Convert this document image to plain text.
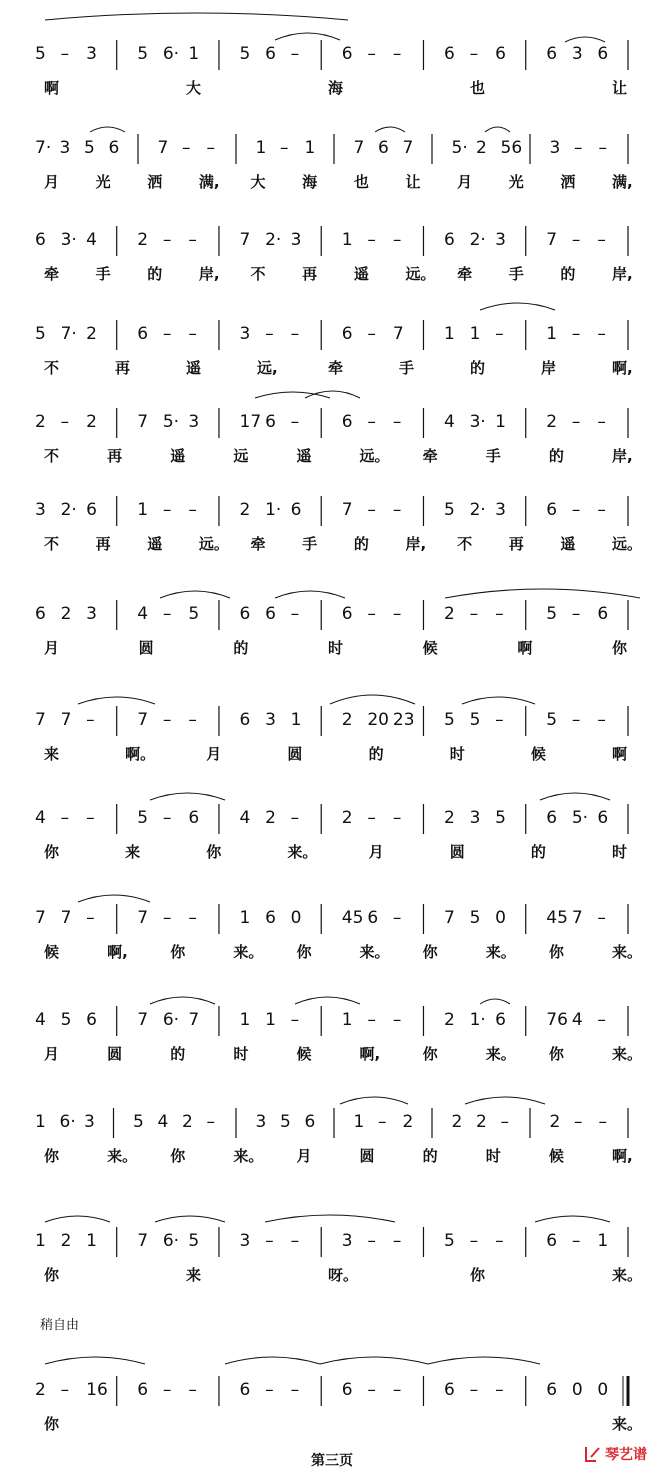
5 – 3 5 6· 1 5 6 –	6 – –	6 – 6 6 3 6
啊	大	海	也	让
7· 3 5 6 7 – – 1 – 1 7 6 7 5· 2 56 3 – –
月 光 洒 满, 大 海 也 让 月 光 洒 满,
6 3· 4 2 – –	7 2· 3 1 – –	6 2· 3 7 – –
牵 手 的 岸, 不 再 遥 远。 牵 手 的 岸,
5 7· 2 6 – –	3 – –	6 – 7 1 1 –	1 – –
不	再	遥	远,	牵	手	的	岸	啊,
2 – 2 7 5· 3 17 6 –	6 – –	4 3· 1 2 – –
不	再	遥	远	遥	远。 牵	手	的	岸,
3 2· 6 1 – –	2 1· 6 7 – –	5 2· 3 6 – –
不 再 遥 远。 牵 手 的 岸, 不 再 遥 远。
6 2 3 4 – 5 6 6 –	6 – –	2 – –	5 – 6
月	圆	的	时	候	啊	你
7 7 –	7 – –	6 3 1 2 20 23 5 5 –	5 – –
来	啊。	月	圆	的	时	候	啊
4 – –	5 – 6 4 2 –	2 – –	2 3 5 6 5· 6
你	来	你	来。	月	圆	的	时
7 7 –	7 – –	1 6 0 45 6 –	7 5 0 45 7 –
候	啊,	你	来。 你	来。 你	来。 你	来。
4 5 6 7 6· 7 1 1 –	1 – –	2 1· 6 76 4 –
月	圆	的	时	候	啊,	你	来。 你	来。
1 6· 3 5 4 2 – 3 5 6 1 – 2 2 2 – 2 – –
你	来。 你	来。 月	圆	的	时	候	啊,
1 2 1 7 6· 5 3 – –	3 – –	5 – –	6 – 1
你	来	呀。	你	来。
2 – 16 6 – –	6 – –	6 – –	6 – –	6 0 0
你	来。
稍自由
第三页	琴艺谱
